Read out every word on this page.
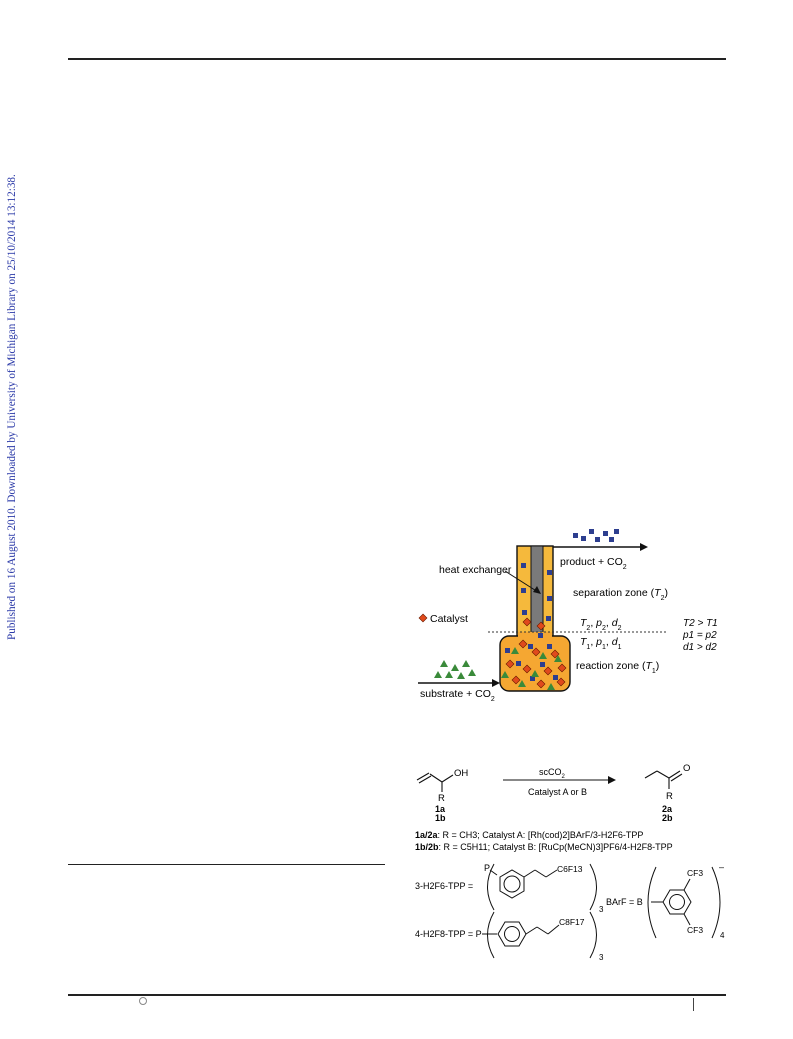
Published on 16 August 2010. Downloaded by University of Michigan Library on 25/10/2014 13:12:38.	product + $CO_2$
heat exchanger
separation zone $(T_2)$
Catalyst	$T_2$, $p_2$, $d_2$
$T_1$, $p_1$, $d_1$
T2 > T1
p1 = p2
d1 > d2
reaction zone $(T_1)$
substrate + $CO_2$
OH
R
1a
1b
scCO$_2$
Catalyst A or B
O
R
2a
2b
1a/2a: R = CH3; Catalyst A: [Rh(cod)2]BArF/3-H2F6-TPP
1b/2b: R = C5H11; Catalyst B: [RuCp(MeCN)3]PF6/4-H2F8-TPP
3-H2F6-TPP =
P	C6F13
3
4-H2F8-TPP = P
C8F17
3
BArF = B
CF3
CF3
–
4
